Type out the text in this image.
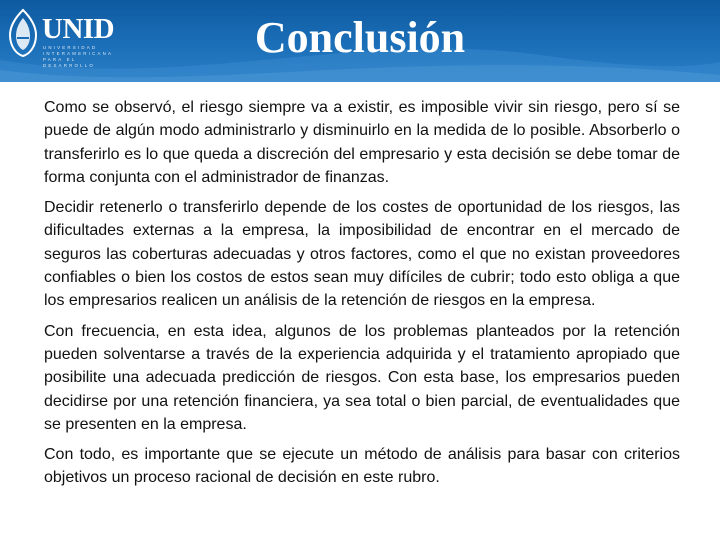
UNID
UNIVERSIDAD INTERAMERICANA PARA EL DESARROLLO
Conclusión

Como se observó, el riesgo siempre va a existir, es imposible vivir sin riesgo, pero sí se puede de algún modo administrarlo y disminuirlo en la medida de lo posible. Absorberlo o transferirlo es lo que queda a discreción del empresario y esta decisión se debe tomar de forma conjunta con el administrador de finanzas.

Decidir retenerlo o transferirlo depende de los costes de oportunidad de los riesgos, las dificultades externas a la empresa, la imposibilidad de encontrar en el mercado de seguros las coberturas adecuadas y otros factores, como el que no existan proveedores confiables o bien los costos de estos sean muy difíciles de cubrir; todo esto obliga a que los empresarios realicen un análisis de la retención de riesgos en la empresa.

Con frecuencia, en esta idea, algunos de los problemas planteados por la retención pueden solventarse a través de la experiencia adquirida y el tratamiento apropiado que posibilite una adecuada predicción de riesgos. Con esta base, los empresarios pueden decidirse por una retención financiera, ya sea total o bien parcial, de eventualidades que se presenten en la empresa.

Con todo, es importante que se ejecute un método de análisis para basar con criterios objetivos un proceso racional de decisión en este rubro.
